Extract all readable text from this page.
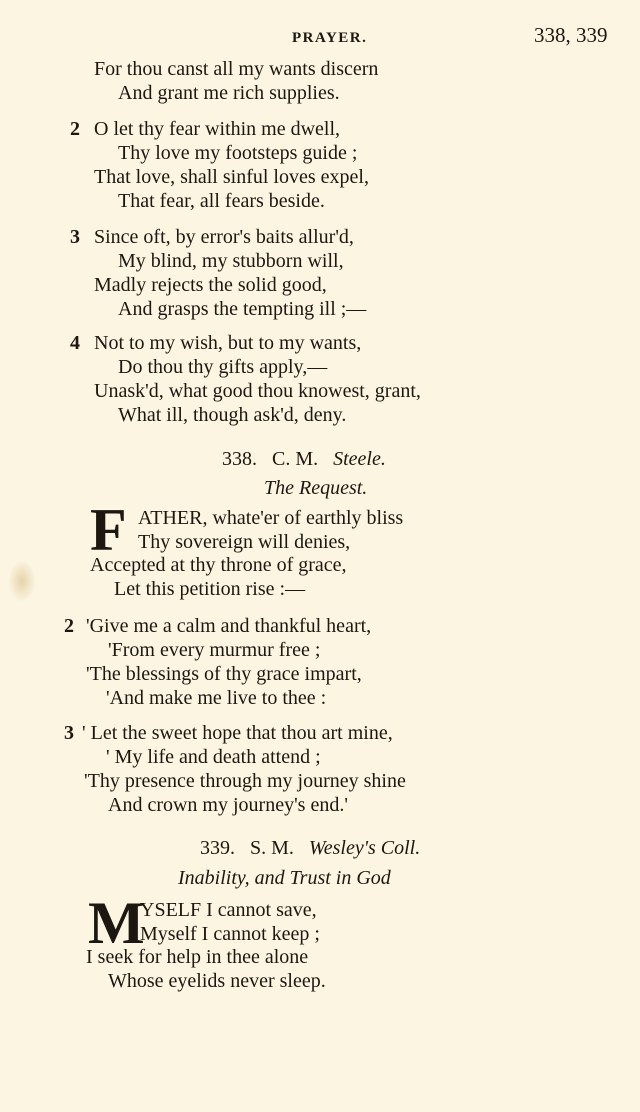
PRAYER.	338, 339
For thou canst all my wants discern
And grant me rich supplies.
2 O let thy fear within me dwell,
Thy love my footsteps guide ;
That love, shall sinful loves expel,
That fear, all fears beside.
3 Since oft, by error's baits allur'd,
My blind, my stubborn will,
Madly rejects the solid good,
And grasps the tempting ill ;—
4 Not to my wish, but to my wants,
Do thou thy gifts apply,—
Unask'd, what good thou knowest, grant,
What ill, though ask'd, deny.
338. C. M. Steele.
The Request.
F ATHER, whate'er of earthly bliss
Thy sovereign will denies,
Accepted at thy throne of grace,
Let this petition rise :—
2 'Give me a calm and thankful heart,
'From every murmur free ;
'The blessings of thy grace impart,
'And make me live to thee :
3 ' Let the sweet hope that thou art mine,
' My life and death attend ;
'Thy presence through my journey shine
And crown my journey's end.'
339. S. M. Wesley's Coll.
Inability, and Trust in God
M
YSELF I cannot save,
Myself I cannot keep ;
I seek for help in thee alone
Whose eyelids never sleep.
